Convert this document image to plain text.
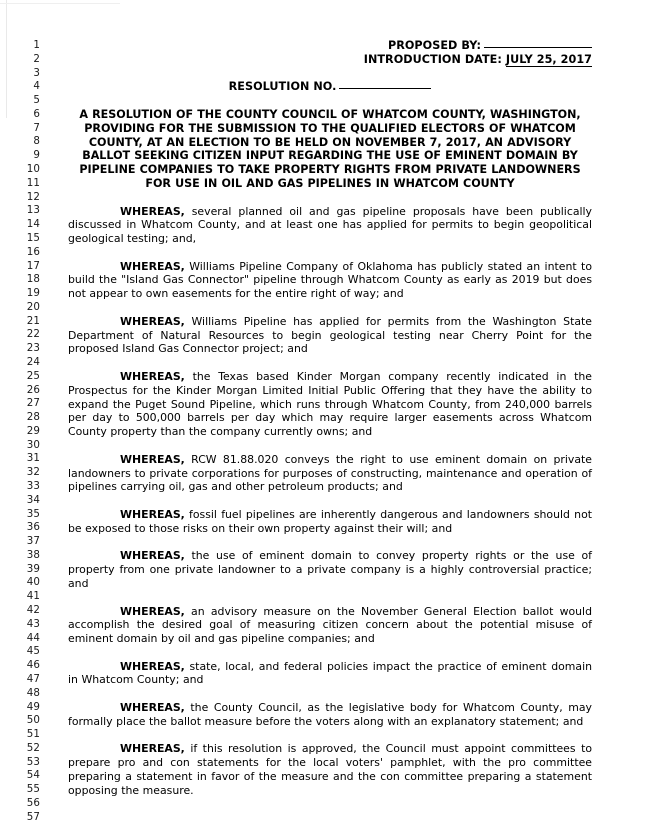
1
2
3
4
5
6
7
8
9
10
11
12
13
14
15
16
17
18
19
20
21
22
23
24
25
26
27
28
29
30
31
32
33
34
35
36
37
38
39
40
41
42
43
44
45
46
47
48
49
50
51
52
53
54
55
56
57
PROPOSED BY:
INTRODUCTION DATE: JULY 25, 2017
RESOLUTION NO.
A RESOLUTION OF THE COUNTY COUNCIL OF WHATCOM COUNTY, WASHINGTON,
PROVIDING FOR THE SUBMISSION TO THE QUALIFIED ELECTORS OF WHATCOM
COUNTY, AT AN ELECTION TO BE HELD ON NOVEMBER 7, 2017, AN ADVISORY
BALLOT SEEKING CITIZEN INPUT REGARDING THE USE OF EMINENT DOMAIN BY
PIPELINE COMPANIES TO TAKE PROPERTY RIGHTS FROM PRIVATE LANDOWNERS
FOR USE IN OIL AND GAS PIPELINES IN WHATCOM COUNTY
WHEREAS, several planned oil and gas pipeline proposals have been publically discussed in Whatcom County, and at least one has applied for permits to begin geopolitical geological testing; and,
WHEREAS, Williams Pipeline Company of Oklahoma has publicly stated an intent to build the "Island Gas Connector" pipeline through Whatcom County as early as 2019 but does not appear to own easements for the entire right of way; and
WHEREAS, Williams Pipeline has applied for permits from the Washington State Department of Natural Resources to begin geological testing near Cherry Point for the proposed Island Gas Connector project; and
WHEREAS, the Texas based Kinder Morgan company recently indicated in the Prospectus for the Kinder Morgan Limited Initial Public Offering that they have the ability to expand the Puget Sound Pipeline, which runs through Whatcom County, from 240,000 barrels per day to 500,000 barrels per day which may require larger easements across Whatcom County property than the company currently owns; and
WHEREAS, RCW 81.88.020 conveys the right to use eminent domain on private landowners to private corporations for purposes of constructing, maintenance and operation of pipelines carrying oil, gas and other petroleum products; and
WHEREAS, fossil fuel pipelines are inherently dangerous and landowners should not be exposed to those risks on their own property against their will; and
WHEREAS, the use of eminent domain to convey property rights or the use of property from one private landowner to a private company is a highly controversial practice; and
WHEREAS, an advisory measure on the November General Election ballot would accomplish the desired goal of measuring citizen concern about the potential misuse of eminent domain by oil and gas pipeline companies; and
WHEREAS, state, local, and federal policies impact the practice of eminent domain in Whatcom County; and
WHEREAS, the County Council, as the legislative body for Whatcom County, may formally place the ballot measure before the voters along with an explanatory statement; and
WHEREAS, if this resolution is approved, the Council must appoint committees to prepare pro and con statements for the local voters' pamphlet, with the pro committee preparing a statement in favor of the measure and the con committee preparing a statement opposing the measure.
